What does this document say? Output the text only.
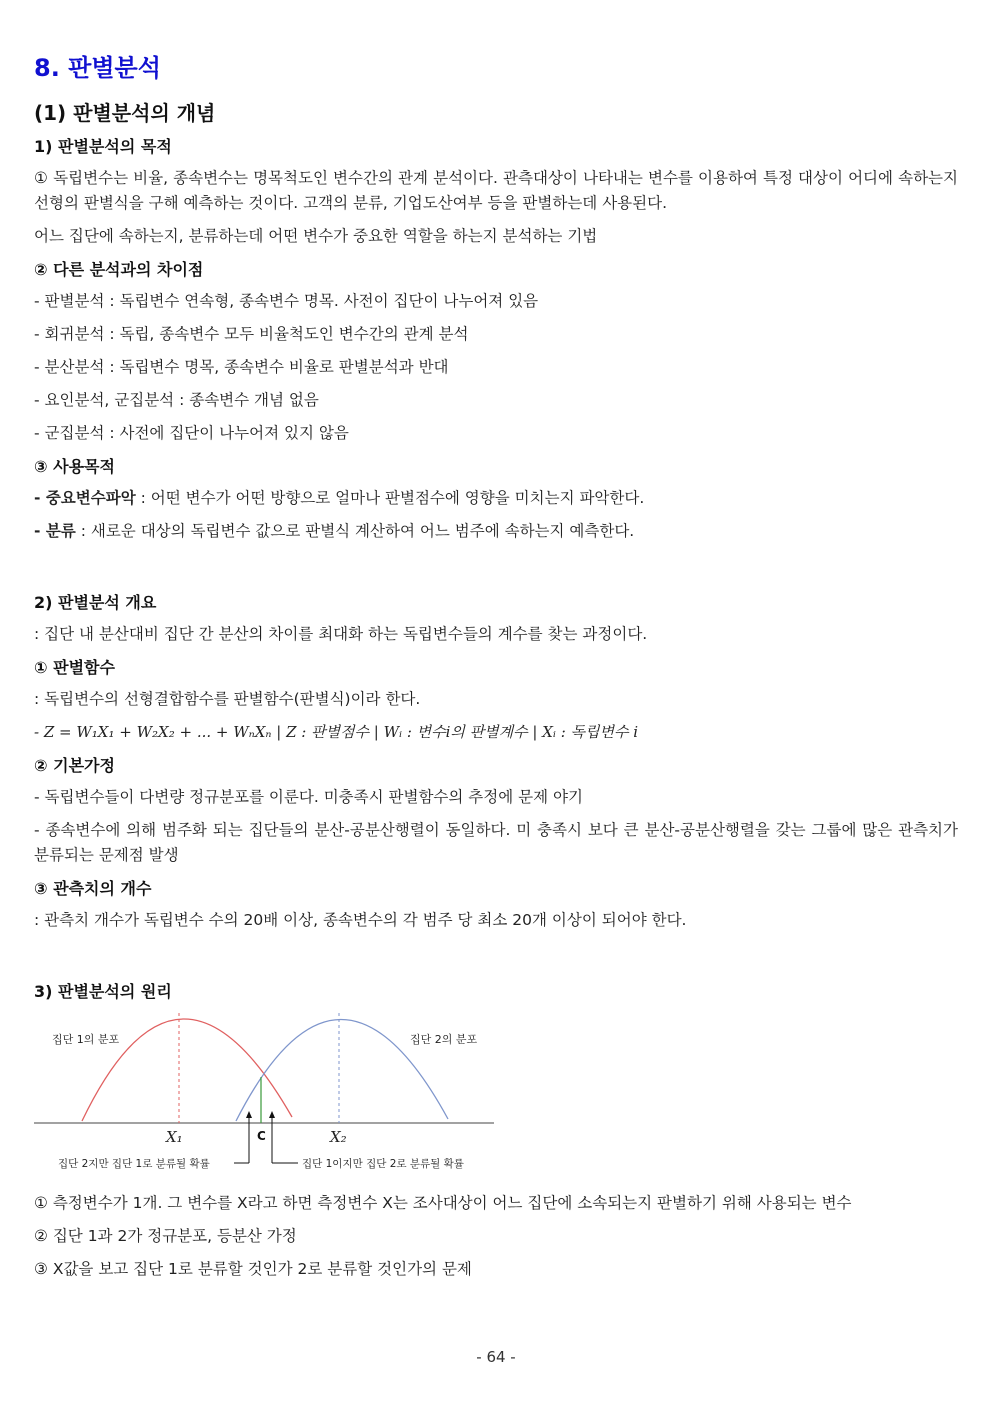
8. 판별분석
(1) 판별분석의 개념
1) 판별분석의 목적
① 독립변수는 비율, 종속변수는 명목척도인 변수간의 관계 분석이다. 관측대상이 나타내는 변수를 이용하여 특정 대상이 어디에 속하는지 선형의 판별식을 구해 예측하는 것이다. 고객의 분류, 기업도산여부 등을 판별하는데 사용된다.
어느 집단에 속하는지, 분류하는데 어떤 변수가 중요한 역할을 하는지 분석하는 기법
② 다른 분석과의 차이점
- 판별분석 : 독립변수 연속형, 종속변수 명목. 사전이 집단이 나누어져 있음
- 회귀분석 : 독립, 종속변수 모두 비율척도인 변수간의 관계 분석
- 분산분석 : 독립변수 명목, 종속변수 비율로 판별분석과 반대
- 요인분석, 군집분석 : 종속변수 개념 없음
- 군집분석 : 사전에 집단이 나누어져 있지 않음
③ 사용목적
- 중요변수파악 : 어떤 변수가 어떤 방향으로 얼마나 판별점수에 영향을 미치는지 파악한다.
- 분류 : 새로운 대상의 독립변수 값으로 판별식 계산하여 어느 범주에 속하는지 예측한다.
2) 판별분석 개요
: 집단 내 분산대비 집단 간 분산의 차이를 최대화 하는 독립변수들의 계수를 찾는 과정이다.
① 판별함수
: 독립변수의 선형결합함수를 판별함수(판별식)이라 한다.
- Z = W₁X₁ + W₂X₂ + ... + WₙXₙ | Z : 판별점수 | Wᵢ : 변수i의 판별계수 | Xᵢ : 독립변수 i
② 기본가정
- 독립변수들이 다변량 정규분포를 이룬다. 미충족시 판별함수의 추정에 문제 야기
- 종속변수에 의해 범주화 되는 집단들의 분산-공분산행렬이 동일하다. 미 충족시 보다 큰 분산-공분산행렬을 갖는 그룹에 많은 관측치가 분류되는 문제점 발생
③ 관측치의 개수
: 관측치 개수가 독립변수 수의 20배 이상, 종속변수의 각 범주 당 최소 20개 이상이 되어야 한다.
3) 판별분석의 원리
집단 1의 분포	집단 2의 분포
X₁	X₂
C
집단 2지만 집단 1로 분류될 확률	집단 1이지만 집단 2로 분류될 확률
① 측정변수가 1개. 그 변수를 X라고 하면 측정변수 X는 조사대상이 어느 집단에 소속되는지 판별하기 위해 사용되는 변수
② 집단 1과 2가 정규분포, 등분산 가정
③ X값을 보고 집단 1로 분류할 것인가 2로 분류할 것인가의 문제
- 64 -
